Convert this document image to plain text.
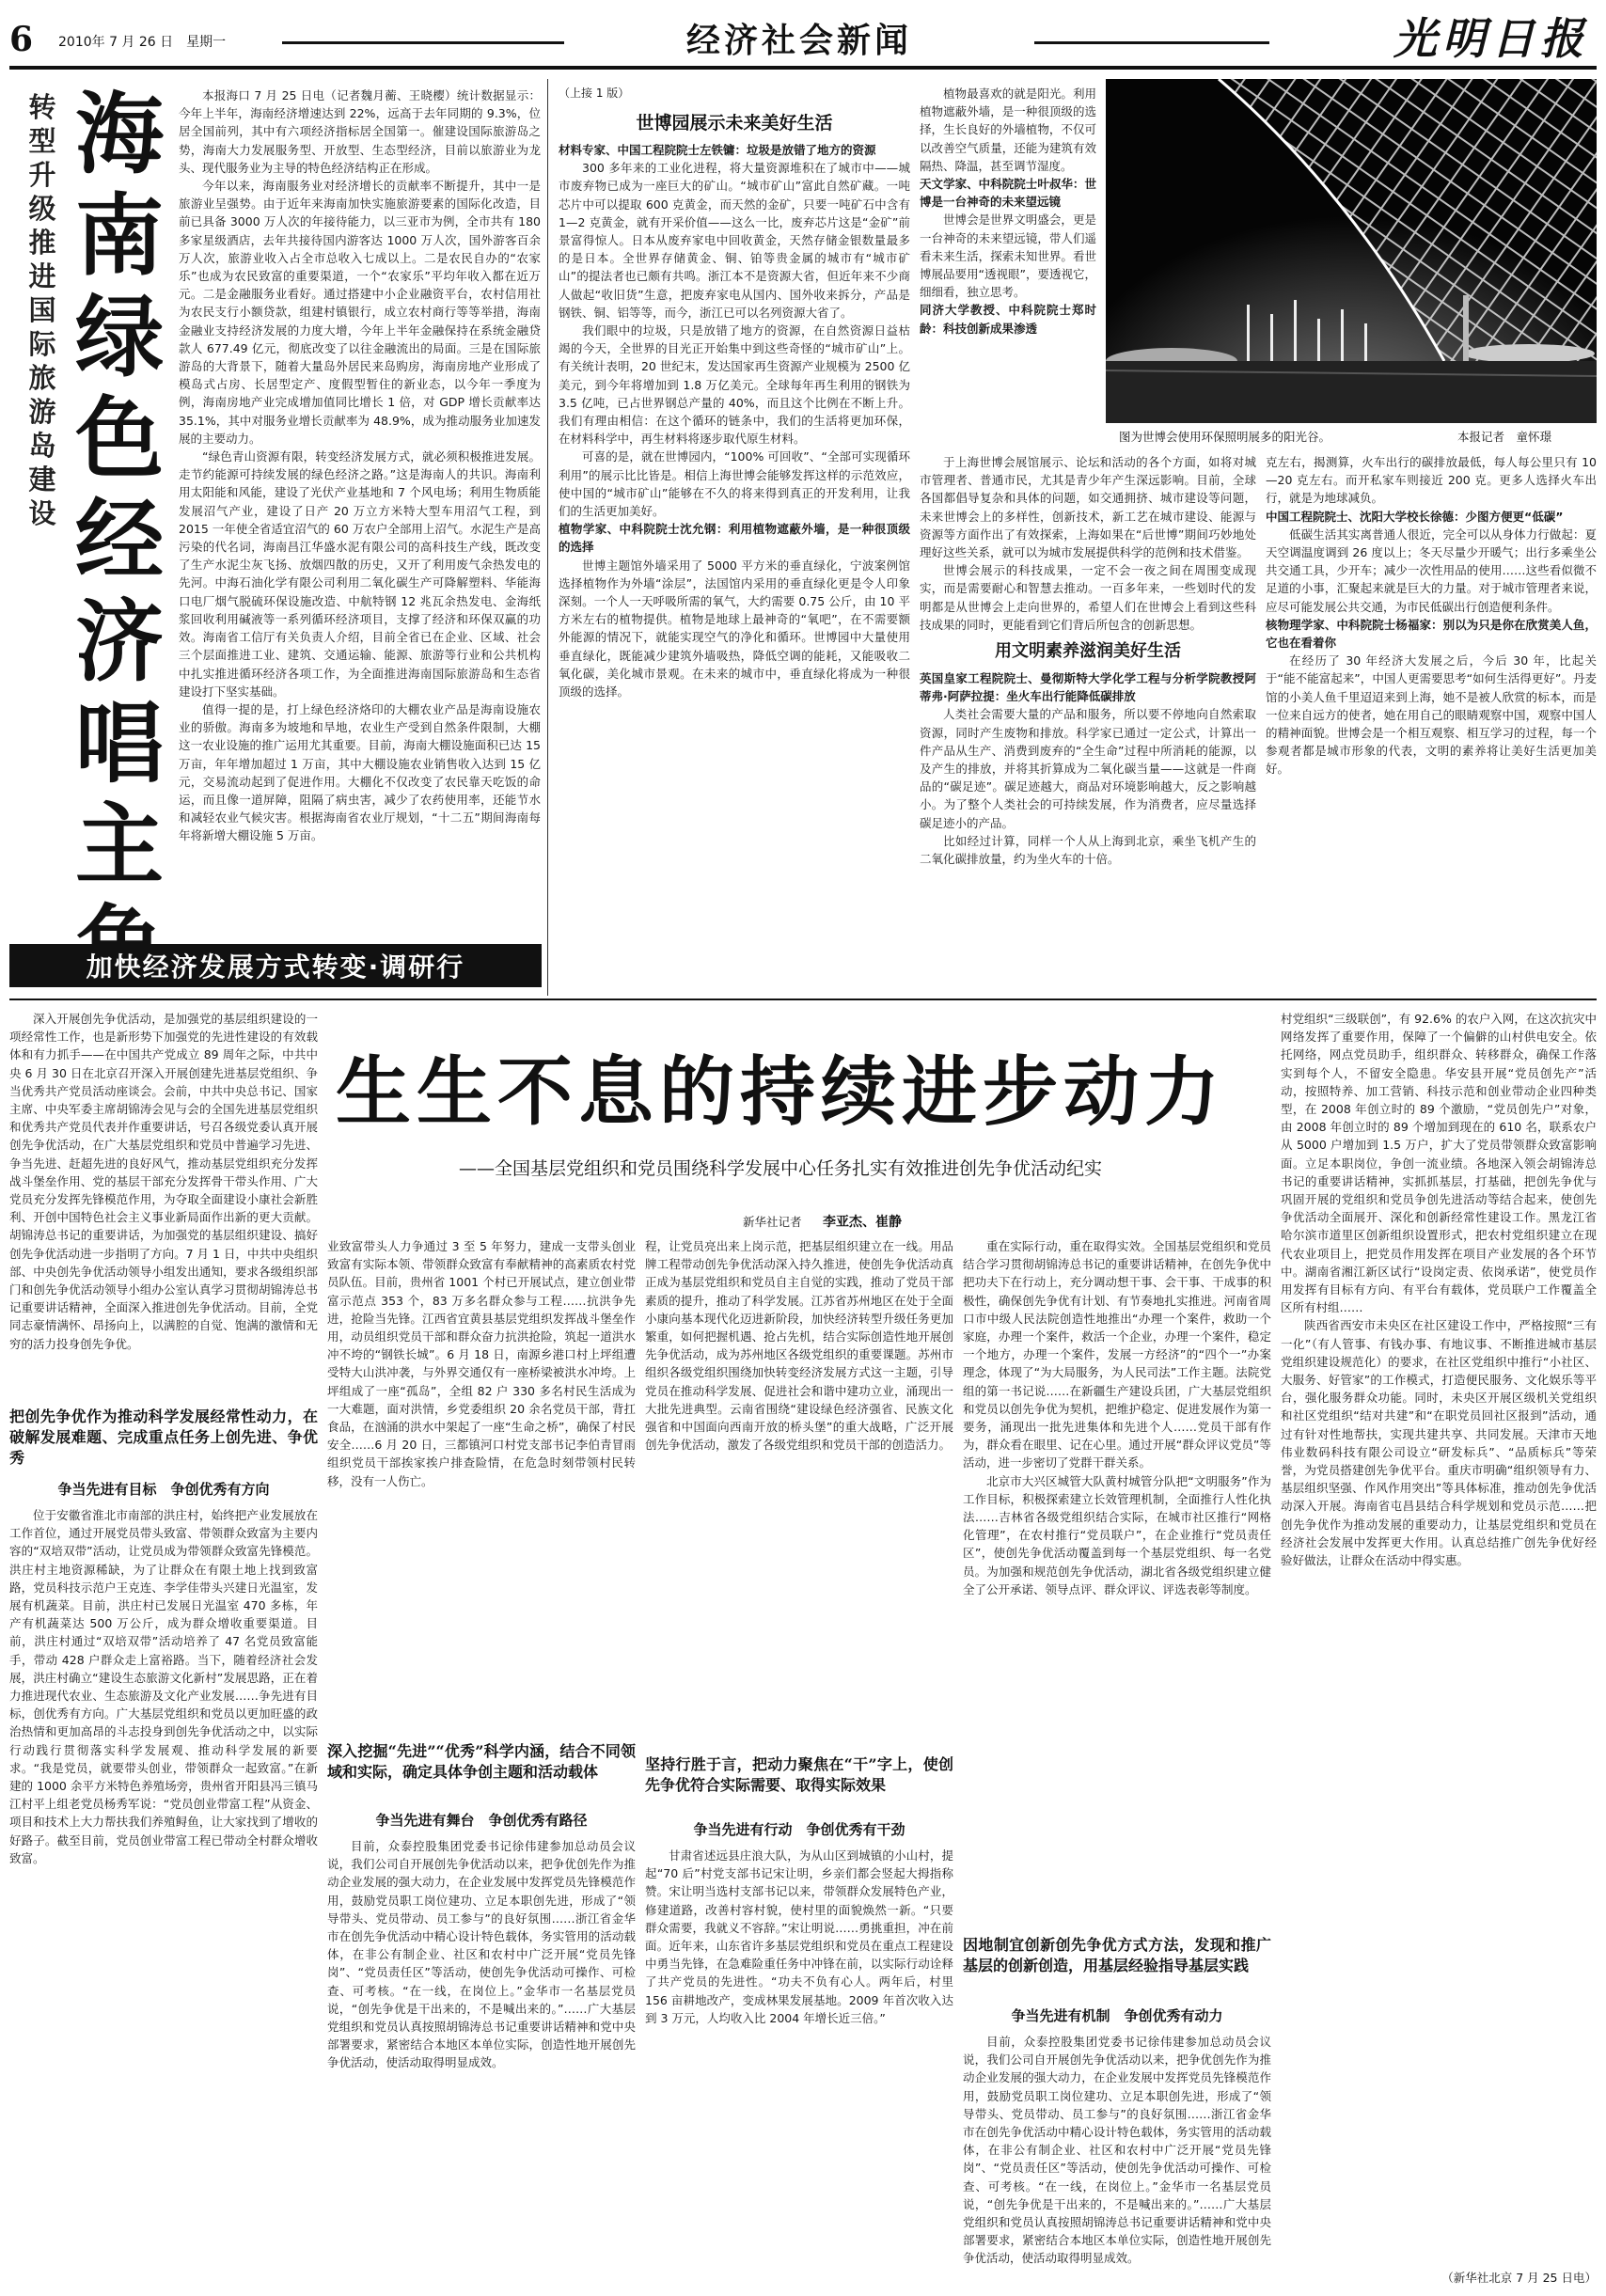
6 2010年 7 月 26 日　星期一	经济社会新闻	光明日报
转型升级推进国际旅游岛建设
海南绿色经济唱主

本报海口 7 月 25 日电（记者魏月蘅、王晓樱）统计数据显示：今年上半年，海南经济增速达到 22%，远高于去年同期的 9.3%，位居全国前列，其中有六项经济指标居全国第一。催建设国际旅游岛之势，海南大力发展服务型、开放型、生态型经济，目前以旅游业为龙头、现代服务业为主导的特色经济结构正在形成。

今年以来，海南服务业对经济增长的贡献率不断提升，其中一是旅游业呈强势。由于近年来海南加快实施旅游要素的国际化改造，目前已具备 3000 万人次的年接待能力，以三亚市为例，全市共有 180 多家星级酒店，去年共接待国内游客达 1000 万人次，国外游客百余万人次，旅游业收入占全市总收入七成以上。二是农民自办的“农家乐”也成为农民致富的重要渠道，一个“农家乐”平均年收入都在近万元。二是金融服务业看好。通过搭建中小企业融资平台，农村信用社为农民支行小额贷款，组建村镇银行，成立农村商行等等举措，海南金融业支持经济发展的力度大增，今年上半年金融保持在系统金融贷款人 677.49 亿元，彻底改变了以往金融流出的局面。三是在国际旅游岛的大背景下，随着大量岛外居民来岛购房，海南房地产业形成了模岛式占房、长居型定产、度假型暂住的新业态，以今年一季度为例，海南房地产业完成增加值同比增长 1 倍，对 GDP 增长贡献率达 35.1%，其中对服务业增长贡献率为 48.9%，成为推动服务业加速发展的主要动力。

“绿色青山资源有限，转变经济发展方式，就必须积极推进发展。走节约能源可持续发展的绿色经济之路。”这是海南人的共识。海南利用太阳能和风能，建设了光伏产业基地和 7 个风电场；利用生物质能发展沼气产业，建设了日产 20 万立方米特大型车用沼气工程，到 2015 一年使全省适宜沼气的 60 万农户全部用上沼气。水泥生产是高污染的代名词，海南昌江华盛水泥有限公司的高科技生产线，既改变了生产水泥尘灰飞扬、放烟四散的历史，又开了利用废气余热发电的先河。中海石油化学有限公司利用二氧化碳生产可降解塑料、华能海口电厂烟气脱硫环保设施改造、中航特钢 12 兆瓦余热发电、金海纸浆回收利用碱液等一系列循环经济项目，支撑了经济和环保双赢的功效。海南省工信厅有关负责人介绍，目前全省已在企业、区域、社会三个层面推进工业、建筑、交通运输、能源、旅游等行业和公共机构中扎实推进循环经济各项工作，为全面推进海南国际旅游岛和生态省建设打下坚实基础。

值得一提的是，打上绿色经济烙印的大棚农业产品是海南设施农业的骄傲。海南多为坡地和旱地，农业生产受到自然条件限制，大棚这一农业设施的推广运用尤其重要。目前，海南大棚设施面积已达 15 万亩，年年增加超过 1 万亩，其中大棚设施农业销售收入达到 15 亿元，交易流动起到了促进作用。大棚化不仅改变了农民靠天吃饭的命运，而且像一道屏障，阻隔了病虫害，减少了农药使用率，还能节水和减轻农业气候灾害。根据海南省农业厅规划，“十二五”期间海南每年将新增大棚设施 5 万亩。

加快经济发展方式转变·调研行
（上接 1 版）
世博园展示未来美好生活

材料专家、中国工程院院士左铁镛：垃圾是放错了地方的资源

300 多年来的工业化进程，将大量资源堆积在了城市中——城市废弃物已成为一座巨大的矿山。“城市矿山”富此自然矿藏。一吨芯片中可以提取 600 克黄金，而天然的金矿，只要一吨矿石中含有 1—2 克黄金，就有开采价值——这么一比，废弃芯片这是“金矿”前景富得惊人。日本从废弃家电中回收黄金，天然存储金银数量最多的是日本。全世界存储黄金、铜、铂等贵金属的城市有“城市矿山”的提法者也已颇有共鸣。浙江本不是资源大省，但近年来不少商人做起“收旧货”生意，把废弃家电从国内、国外收来拆分，产品是钢铁、铜、铝等等，而今，浙江已可以名列资源大省了。

我们眼中的垃圾，只是放错了地方的资源，在自然资源日益枯竭的今天，全世界的目光正开始集中到这些奇怪的“城市矿山”上。有关统计表明，20 世纪末，发达国家再生资源产业规模为 2500 亿美元，到今年将增加到 1.8 万亿美元。全球每年再生利用的钢铁为 3.5 亿吨，已占世界钢总产量的 40%，而且这个比例在不断上升。我们有理由相信：在这个循环的链条中，我们的生活将更加环保，在材料科学中，再生材料将逐步取代原生材料。

可喜的是，就在世博园内，“100% 可回收”、“全部可实现循环利用”的展示比比皆是。相信上海世博会能够发挥这样的示范效应，使中国的“城市矿山”能够在不久的将来得到真正的开发利用，让我们的生活更加美好。

植物学家、中科院院士沈允钢：利用植物遮蔽外墙，是一种很顶级的选择

世博主题馆外墙采用了 5000 平方米的垂直绿化，宁波案例馆选择植物作为外墙“涂层”，法国馆内采用的垂直绿化更是令人印象深刻。一个人一天呼吸所需的氧气，大约需要 0.75 公斤，由 10 平方米左右的植物提供。植物是地球上最神奇的“氧吧”，在不需要额外能源的情况下，就能实现空气的净化和循环。世博园中大量使用垂直绿化，既能减少建筑外墙吸热，降低空调的能耗，又能吸收二氧化碳，美化城市景观。在未来的城市中，垂直绿化将成为一种很顶级的选择。

植物最喜欢的就是阳光。利用植物遮蔽外墙，是一种很顶级的选择，生长良好的外墙植物，不仅可以改善空气质量，还能为建筑有效隔热、降温，甚至调节湿度。

天文学家、中科院院士叶叔华：世博是一台神奇的未来望远镜

世博会是世界文明盛会，更是一台神奇的未来望远镜，带人们遥看未来生活，探索未知世界。看世博展品要用“透视眼”，要透视它，细细看，独立思考。

同济大学教授、中科院院士郑时龄：科技创新成果渗透

图为世博会使用环保照明展多的阳光谷。	本报记者　童怀璟

于上海世博会展馆展示、论坛和活动的各个方面，如将对城市管理者、普通市民，尤其是青少年产生深远影响。目前，全球各国都倡导复杂和具体的问题，如交通拥挤、城市建设等问题，未来世博会上的多样性，创新技术，新工艺在城市建设、能源与资源等方面作出了有效探索，上海如果在“后世博”期间巧妙地处理好这些关系，就可以为城市发展提供科学的范例和技术借鉴。

世博会展示的科技成果，一定不会一夜之间在周围变成现实，而是需要耐心和智慧去推动。一百多年来，一些划时代的发明都是从世博会上走向世界的，希望人们在世博会上看到这些科技成果的同时，更能看到它们背后所包含的创新思想。

用文明素养滋润美好生活

英国皇家工程院院士、曼彻斯特大学化学工程与分析学院教授阿蒂弗·阿萨拉提：坐火车出行能降低碳排放

人类社会需要大量的产品和服务，所以要不停地向自然索取资源，同时产生废物和排放。科学家已通过一定公式，计算出一件产品从生产、消费到废弃的“全生命”过程中所消耗的能源，以及产生的排放，并将其折算成为二氧化碳当量——这就是一件商品的“碳足迹”。碳足迹越大，商品对环境影响越大，反之影响越小。为了整个人类社会的可持续发展，作为消费者，应尽量选择碳足迹小的产品。

比如经过计算，同样一个人从上海到北京，乘坐飞机产生的二氧化碳排放量，约为坐火车的十倍。

克左右，揭测算，火车出行的碳排放最低，每人每公里只有 10—20 克左右。而开私家车则接近 200 克。更多人选择火车出行，就是为地球减负。

中国工程院院士、沈阳大学校长徐德：少图方便更“低碳”

低碳生活其实离普通人很近，完全可以从身体力行做起：夏天空调温度调到 26 度以上；冬天尽量少开暖气；出行多乘坐公共交通工具，少开车；减少一次性用品的使用……这些看似微不足道的小事，汇聚起来就是巨大的力量。对于城市管理者来说，应尽可能发展公共交通，为市民低碳出行创造便利条件。

核物理学家、中科院院士杨福家：别以为只是你在欣赏美人鱼，它也在看着你

在经历了 30 年经济大发展之后，今后 30 年，比起关于“能不能富起来”，中国人更需要思考“如何生活得更好”。丹麦馆的小美人鱼千里迢迢来到上海，她不是被人欣赏的标本，而是一位来自远方的使者，她在用自己的眼睛观察中国，观察中国人的精神面貌。世博会是一个相互观察、相互学习的过程，每一个参观者都是城市形象的代表，文明的素养将让美好生活更加美好。

生生不息的持续进步动力
——全国基层党组织和党员围绕科学发展中心任务扎实有效推进创先争优活动纪实
新华社记者 李亚杰、崔静

深入开展创先争优活动，是加强党的基层组织建设的一项经常性工作，也是新形势下加强党的先进性建设的有效载体和有力抓手——在中国共产党成立 89 周年之际，中共中央 6 月 30 日在北京召开深入开展创建先进基层党组织、争当优秀共产党员活动座谈会。会前，中共中央总书记、国家主席、中央军委主席胡锦涛会见与会的全国先进基层党组织和优秀共产党员代表并作重要讲话，号召各级党委认真开展创先争优活动，在广大基层党组织和党员中普遍学习先进、争当先进、赶超先进的良好风气，推动基层党组织充分发挥战斗堡垒作用、党的基层干部充分发挥骨干带头作用、广大党员充分发挥先锋模范作用，为夺取全面建设小康社会新胜利、开创中国特色社会主义事业新局面作出新的更大贡献。胡锦涛总书记的重要讲话，为加强党的基层组织建设、搞好创先争优活动进一步指明了方向。7 月 1 日，中共中央组织部、中央创先争优活动领导小组发出通知，要求各级组织部门和创先争优活动领导小组办公室认真学习贯彻胡锦涛总书记重要讲话精神，全面深入推进创先争优活动。目前，全党同志豪情满怀、昂扬向上，以满腔的自觉、饱满的激情和无穷的活力投身创先争优。

把创先争优作为推动科学发展经常性动力，在破解发展难题、完成重点任务上创先进、争优秀
争当先进有目标　争创优秀有方向

位于安徽省淮北市南部的洪庄村，始终把产业发展放在工作首位，通过开展党员带头致富、带领群众致富为主要内容的“双培双带”活动，让党员成为带领群众致富先锋模范。洪庄村主地资源稀缺，为了让群众在有限土地上找到致富路，党员科技示范户王克连、李学佳带头兴建日光温室，发展有机蔬菜。目前，洪庄村已发展日光温室 470 多栋，年产有机蔬菜达 500 万公斤，成为群众增收重要渠道。目前，洪庄村通过“双培双带”活动培养了 47 名党员致富能手，带动 428 户群众走上富裕路。当下，随着经济社会发展，洪庄村确立“建设生态旅游文化新村”发展思路，正在着力推进现代农业、生态旅游及文化产业发展……争先进有目标，创优秀有方向。广大基层党组织和党员以更加旺盛的政治热情和更加高昂的斗志投身到创先争优活动之中，以实际行动践行贯彻落实科学发展观、推动科学发展的新要求。“我是党员，就要带头创业，带领群众一起致富。”在新建的 1000 余平方米特色养殖场旁，贵州省开阳县冯三镇马江村平上组老党员杨秀军说：“党员创业带富工程”从资金、项目和技术上大力帮扶我们养殖鲟鱼，让大家找到了增收的好路子。截至目前，党员创业带富工程已带动全村群众增收致富。

业致富带头人力争通过 3 至 5 年努力，建成一支带头创业致富有实际本领、带领群众致富有奉献精神的高素质农村党员队伍。目前，贵州省 1001 个村已开展试点，建立创业带富示范点 353 个，83 万多名群众参与工程……抗洪争先进，抢险当先锋。江西省宜黄县基层党组织发挥战斗堡垒作用，动员组织党员干部和群众奋力抗洪抢险，筑起一道洪水冲不垮的“钢铁长城”。6 月 18 日，南源乡港口村上坪组遭受特大山洪冲袭，与外界交通仅有一座桥梁被洪水冲垮。上坪组成了一座“孤岛”，全组 82 户 330 多名村民生活成为一大难题，面对洪情，乡党委组织 20 余名党员干部，背扛食品，在汹涌的洪水中架起了一座“生命之桥”，确保了村民安全……6 月 20 日，三都镇河口村党支部书记李伯青冒雨组织党员干部挨家挨户排查险情，在危急时刻带领村民转移，没有一人伤亡。

深入挖掘“先进”“优秀”科学内涵，结合不同领域和实际，确定具体争创主题和活动载体
争当先进有舞台　争创优秀有路径

目前，众泰控股集团党委书记徐伟建参加总动员会议说，我们公司自开展创先争优活动以来，把争优创先作为推动企业发展的强大动力，在企业发展中发挥党员先锋模范作用，鼓励党员职工岗位建功、立足本职创先进，形成了“领导带头、党员带动、员工参与”的良好氛围……浙江省金华市在创先争优活动中精心设计特色载体，务实管用的活动载体，在非公有制企业、社区和农村中广泛开展“党员先锋岗”、“党员责任区”等活动，使创先争优活动可操作、可检查、可考核。“在一线，在岗位上。”金华市一名基层党员说，“创先争优是干出来的，不是喊出来的。”……广大基层党组织和党员认真按照胡锦涛总书记重要讲话精神和党中央部署要求，紧密结合本地区本单位实际，创造性地开展创先争优活动，使活动取得明显成效。

程，让党员亮出来上岗示范，把基层组织建立在一线。用品牌工程带动创先争优活动深入持久推进，使创先争优活动真正成为基层党组织和党员自主自觉的实践，推动了党员干部素质的提升，推动了科学发展。江苏省苏州地区在处于全面小康向基本现代化迈进新阶段，加快经济转型升级任务更加繁重，如何把握机遇、抢占先机，结合实际创造性地开展创先争优活动，成为苏州地区各级党组织的重要课题。苏州市组织各级党组织围绕加快转变经济发展方式这一主题，引导党员在推动科学发展、促进社会和谐中建功立业，涌现出一大批先进典型。云南省围绕“建设绿色经济强省、民族文化强省和中国面向西南开放的桥头堡”的重大战略，广泛开展创先争优活动，激发了各级党组织和党员干部的创造活力。

坚持行胜于言，把动力聚焦在“干”字上，使创先争优符合实际需要、取得实际效果
争当先进有行动　争创优秀有干劲

甘肃省述远县庄浪大队，为从山区到城镇的小山村，提起“70 后”村党支部书记宋让明，乡亲们都会竖起大拇指称赞。宋让明当选村支部书记以来，带领群众发展特色产业，修建道路，改善村容村貌，使村里的面貌焕然一新。“只要群众需要，我就义不容辞。”宋让明说……勇挑重担，冲在前面。近年来，山东省许多基层党组织和党员在重点工程建设中勇当先锋，在急难险重任务中冲锋在前，以实际行动诠释了共产党员的先进性。“功夫不负有心人。两年后，村里 156 亩耕地改产，变成林果发展基地。2009 年首次收入达到 3 万元，人均收入比 2004 年增长近三倍。”

重在实际行动，重在取得实效。全国基层党组织和党员结合学习贯彻胡锦涛总书记的重要讲话精神，在创先争优中把功夫下在行动上，充分调动想干事、会干事、干成事的积极性，确保创先争优有计划、有节奏地扎实推进。河南省周口市中级人民法院创造性地推出“办理一个案件，救助一个家庭，办理一个案件，救活一个企业，办理一个案件，稳定一个地方，办理一个案件，发展一方经济”的“四个一”办案理念，体现了“为大局服务，为人民司法”工作主题。法院党组的第一书记说……在新疆生产建设兵团，广大基层党组织和党员以创先争优为契机，把维护稳定、促进发展作为第一要务，涌现出一批先进集体和先进个人……党员干部有作为，群众看在眼里、记在心里。通过开展“群众评议党员”等活动，进一步密切了党群干群关系。

北京市大兴区城管大队黄村城管分队把“文明服务”作为工作目标，积极探索建立长效管理机制，全面推行人性化执法……吉林省各级党组织结合实际，在城市社区推行“网格化管理”，在农村推行“党员联户”，在企业推行“党员责任区”，使创先争优活动覆盖到每一个基层党组织、每一名党员。为加强和规范创先争优活动，湖北省各级党组织建立健全了公开承诺、领导点评、群众评议、评选表彰等制度。

因地制宜创新创先争优方式方法，发现和推广基层的创新创造，用基层经验指导基层实践
争当先进有机制　争创优秀有动力

目前，众泰控股集团党委书记徐伟建参加总动员会议说，我们公司自开展创先争优活动以来，把争优创先作为推动企业发展的强大动力，在企业发展中发挥党员先锋模范作用，鼓励党员职工岗位建功、立足本职创先进，形成了“领导带头、党员带动、员工参与”的良好氛围……浙江省金华市在创先争优活动中精心设计特色载体，务实管用的活动载体，在非公有制企业、社区和农村中广泛开展“党员先锋岗”、“党员责任区”等活动，使创先争优活动可操作、可检查、可考核。“在一线，在岗位上。”金华市一名基层党员说，“创先争优是干出来的，不是喊出来的。”……广大基层党组织和党员认真按照胡锦涛总书记重要讲话精神和党中央部署要求，紧密结合本地区本单位实际，创造性地开展创先争优活动，使活动取得明显成效。

村党组织“三级联创”，有 92.6% 的农户入网，在这次抗灾中网络发挥了重要作用，保障了一个偏僻的山村供电安全。依托网络，网点党员助手，组织群众、转移群众，确保工作落实到每个人，不留安全隐患。华安县开展“党员创先产”活动，按照特养、加工营销、科技示范和创业带动企业四种类型，在 2008 年创立时的 89 个激励，“党员创先户”对象，由 2008 年创立时的 89 个增加到现在的 610 名，联系农户从 5000 户增加到 1.5 万户，扩大了党员带领群众致富影响面。立足本职岗位，争创一流业绩。各地深入领会胡锦涛总书记的重要讲话精神，实抓抓基层，打基础，把创先争优与巩固开展的党组织和党员争创先进活动等结合起来，使创先争优活动全面展开、深化和创新经常性建设工作。黑龙江省哈尔滨市道里区创新组织设置形式，把农村党组织建立在现代农业项目上，把党员作用发挥在项目产业发展的各个环节中。湖南省湘江新区试行“设岗定责、依岗承诺”，使党员作用发挥有目标有方向、有平台有载体，党员联户工作覆盖全区所有村组……

陕西省西安市未央区在社区建设工作中，严格按照“三有一化”（有人管事、有钱办事、有地议事、不断推进城市基层党组织建设规范化）的要求，在社区党组织中推行“小社区、大服务、好管家”的工作模式，打造便民服务、文化娱乐等平台，强化服务群众功能。同时，未央区开展区级机关党组织和社区党组织“结对共建”和“在职党员回社区报到”活动，通过有针对性地帮扶，实现共建共享、共同发展。天津市天地伟业数码科技有限公司设立“研发标兵”、“品质标兵”等荣誉，为党员搭建创先争优平台。重庆市明确“组织领导有力、基层组织坚强、作风作用突出”等具体标准，推动创先争优活动深入开展。海南省屯昌县结合科学规划和党员示范……把创先争优作为推动发展的重要动力，让基层党组织和党员在经济社会发展中发挥更大作用。认真总结推广创先争优好经验好做法，让群众在活动中得实惠。

（新华社北京 7 月 25 日电）
